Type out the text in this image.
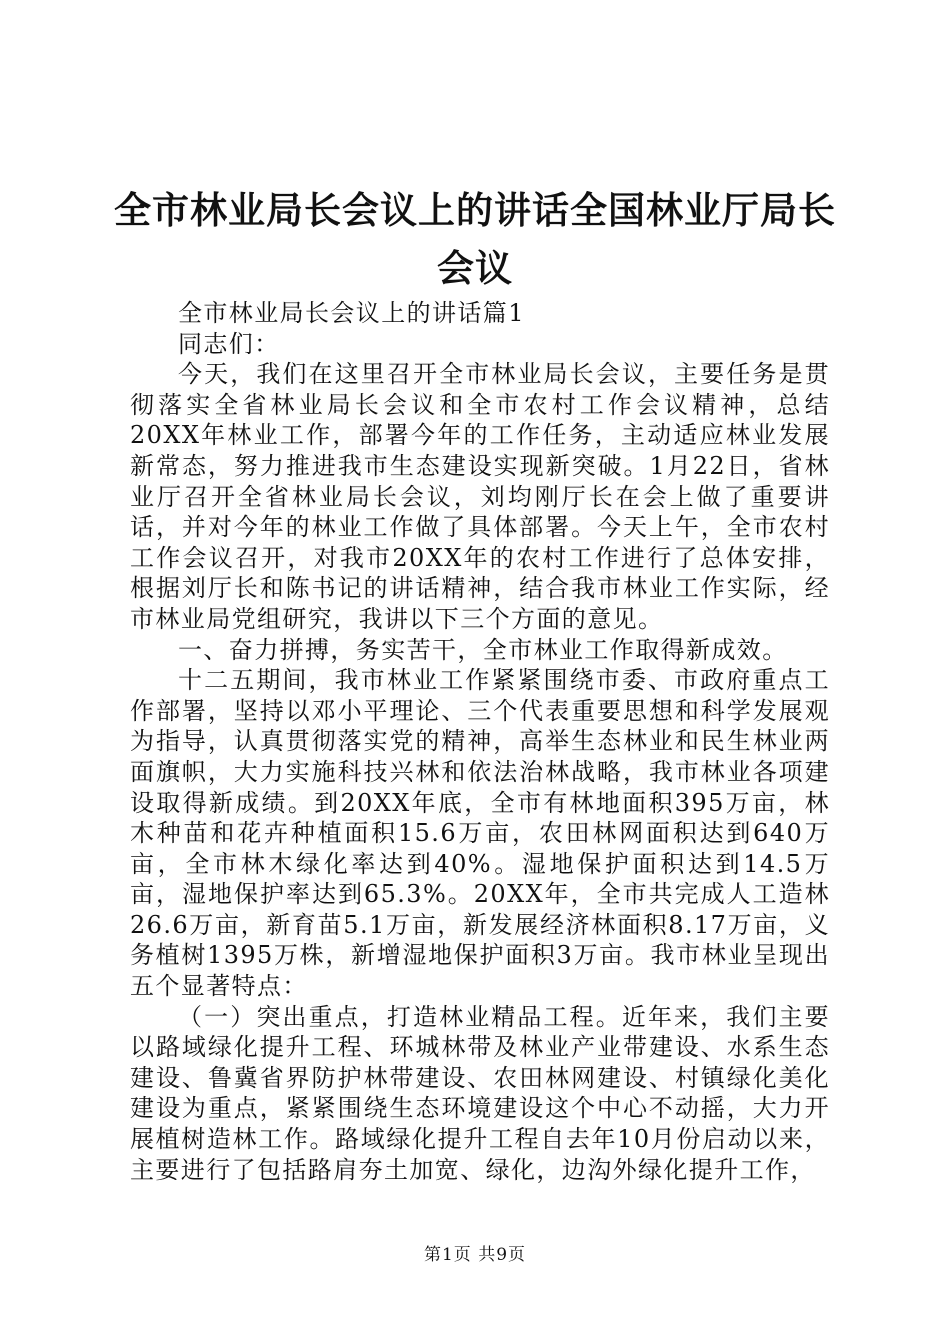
全市林业局长会议上的讲话全国林业厅局长会议

全市林业局长会议上的讲话篇1

同志们：

今天，我们在这里召开全市林业局长会议，主要任务是贯彻落实全省林业局长会议和全市农村工作会议精神，总结20XX年林业工作，部署今年的工作任务，主动适应林业发展新常态，努力推进我市生态建设实现新突破。1月22日，省林业厅召开全省林业局长会议，刘均刚厅长在会上做了重要讲话，并对今年的林业工作做了具体部署。今天上午，全市农村工作会议召开，对我市20XX年的农村工作进行了总体安排，根据刘厅长和陈书记的讲话精神，结合我市林业工作实际，经市林业局党组研究，我讲以下三个方面的意见。

一、奋力拼搏，务实苦干，全市林业工作取得新成效。

十二五期间，我市林业工作紧紧围绕市委、市政府重点工作部署，坚持以邓小平理论、三个代表重要思想和科学发展观为指导，认真贯彻落实党的精神，高举生态林业和民生林业两面旗帜，大力实施科技兴林和依法治林战略，我市林业各项建设取得新成绩。到20XX年底，全市有林地面积395万亩，林木种苗和花卉种植面积15.6万亩，农田林网面积达到640万亩，全市林木绿化率达到40%。湿地保护面积达到14.5万亩，湿地保护率达到65.3%。20XX年，全市共完成人工造林26.6万亩，新育苗5.1万亩，新发展经济林面积8.17万亩，义务植树1395万株，新增湿地保护面积3万亩。我市林业呈现出五个显著特点：

（一）突出重点，打造林业精品工程。近年来，我们主要以路域绿化提升工程、环城林带及林业产业带建设、水系生态建设、鲁冀省界防护林带建设、农田林网建设、村镇绿化美化建设为重点，紧紧围绕生态环境建设这个中心不动摇，大力开展植树造林工作。路域绿化提升工程自去年10月份启动以来，主要进行了包括路肩夯土加宽、绿化，边沟外绿化提升工作，

第1页 共9页
